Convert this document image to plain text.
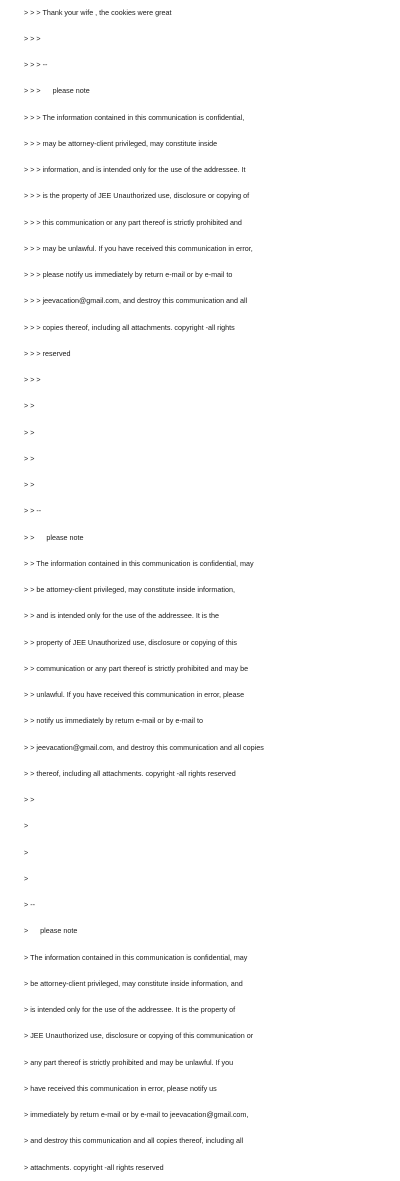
> > > Thank your wife , the cookies were great

> > >

> > > --

> > >      please note

> > > The information contained in this communication is confidential,

> > > may be attorney-client privileged, may constitute inside

> > > information, and is intended only for the use of the addressee. It

> > > is the property of JEE Unauthorized use, disclosure or copying of

> > > this communication or any part thereof is strictly prohibited and

> > > may be unlawful. If you have received this communication in error,

> > > please notify us immediately by return e-mail or by e-mail to

> > > jeevacation@gmail.com, and destroy this communication and all

> > > copies thereof, including all attachments. copyright -all rights

> > > reserved

> > >

> >

> >

> >

> >

> > --

> >      please note

> > The information contained in this communication is confidential, may

> > be attorney-client privileged, may constitute inside information,

> > and is intended only for the use of the addressee. It is the

> > property of JEE Unauthorized use, disclosure or copying of this

> > communication or any part thereof is strictly prohibited and may be

> > unlawful. If you have received this communication in error, please

> > notify us immediately by return e-mail or by e-mail to

> > jeevacation@gmail.com, and destroy this communication and all copies

> > thereof, including all attachments. copyright -all rights reserved

> >

>

>

>

> --

>      please note

> The information contained in this communication is confidential, may

> be attorney-client privileged, may constitute inside information, and

> is intended only for the use of the addressee. It is the property of

> JEE Unauthorized use, disclosure or copying of this communication or

> any part thereof is strictly prohibited and may be unlawful. If you

> have received this communication in error, please notify us

> immediately by return e-mail or by e-mail to jeevacation@gmail.com,

> and destroy this communication and all copies thereof, including all

> attachments. copyright -all rights reserved
